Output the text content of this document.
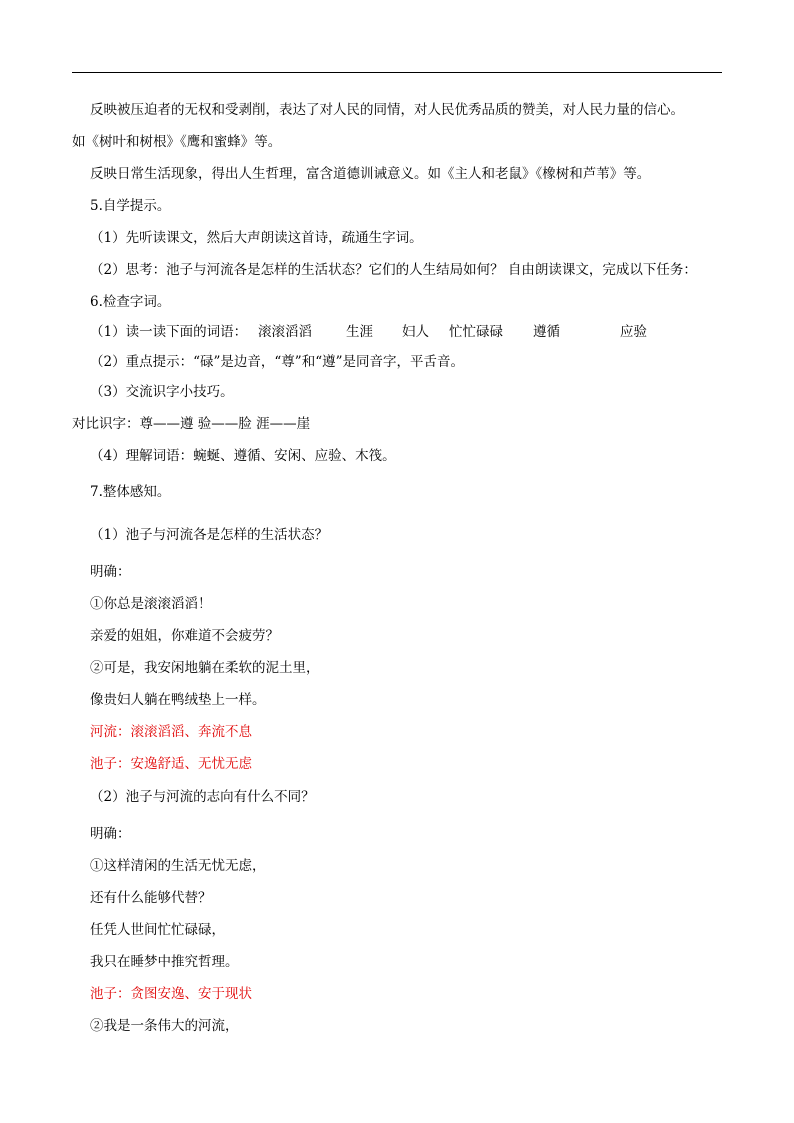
反映被压迫者的无权和受剥削，表达了对人民的同情，对人民优秀品质的赞美，对人民力量的信心。
如《树叶和树根》《鹰和蜜蜂》等。
反映日常生活现象，得出人生哲理，富含道德训诫意义。如《主人和老鼠》《橡树和芦苇》等。
5.自学提示。
（1）先听读课文，然后大声朗读这首诗，疏通生字词。
（2）思考：池子与河流各是怎样的生活状态？它们的人生结局如何？ 自由朗读课文，完成以下任务：
6.检查字词。
（1）读一读下面的词语： 滚滚滔滔	生涯 妇人 忙忙碌碌 遵循	应验
（2）重点提示：“碌”是边音，“尊”和“遵”是同音字，平舌音。
（3）交流识字小技巧。
对比识字：尊——遵 验——脸 涯——崖
（4）理解词语：蜿蜒、遵循、安闲、应验、木筏。
7.整体感知。
（1）池子与河流各是怎样的生活状态？
明确：
①你总是滚滚滔滔！
亲爱的姐姐，你难道不会疲劳？
②可是，我安闲地躺在柔软的泥土里，
像贵妇人躺在鸭绒垫上一样。
河流：滚滚滔滔、奔流不息
池子：安逸舒适、无忧无虑
（2）池子与河流的志向有什么不同？
明确：
①这样清闲的生活无忧无虑，
还有什么能够代替？
任凭人世间忙忙碌碌，
我只在睡梦中推究哲理。
池子：贪图安逸、安于现状
②我是一条伟大的河流，
